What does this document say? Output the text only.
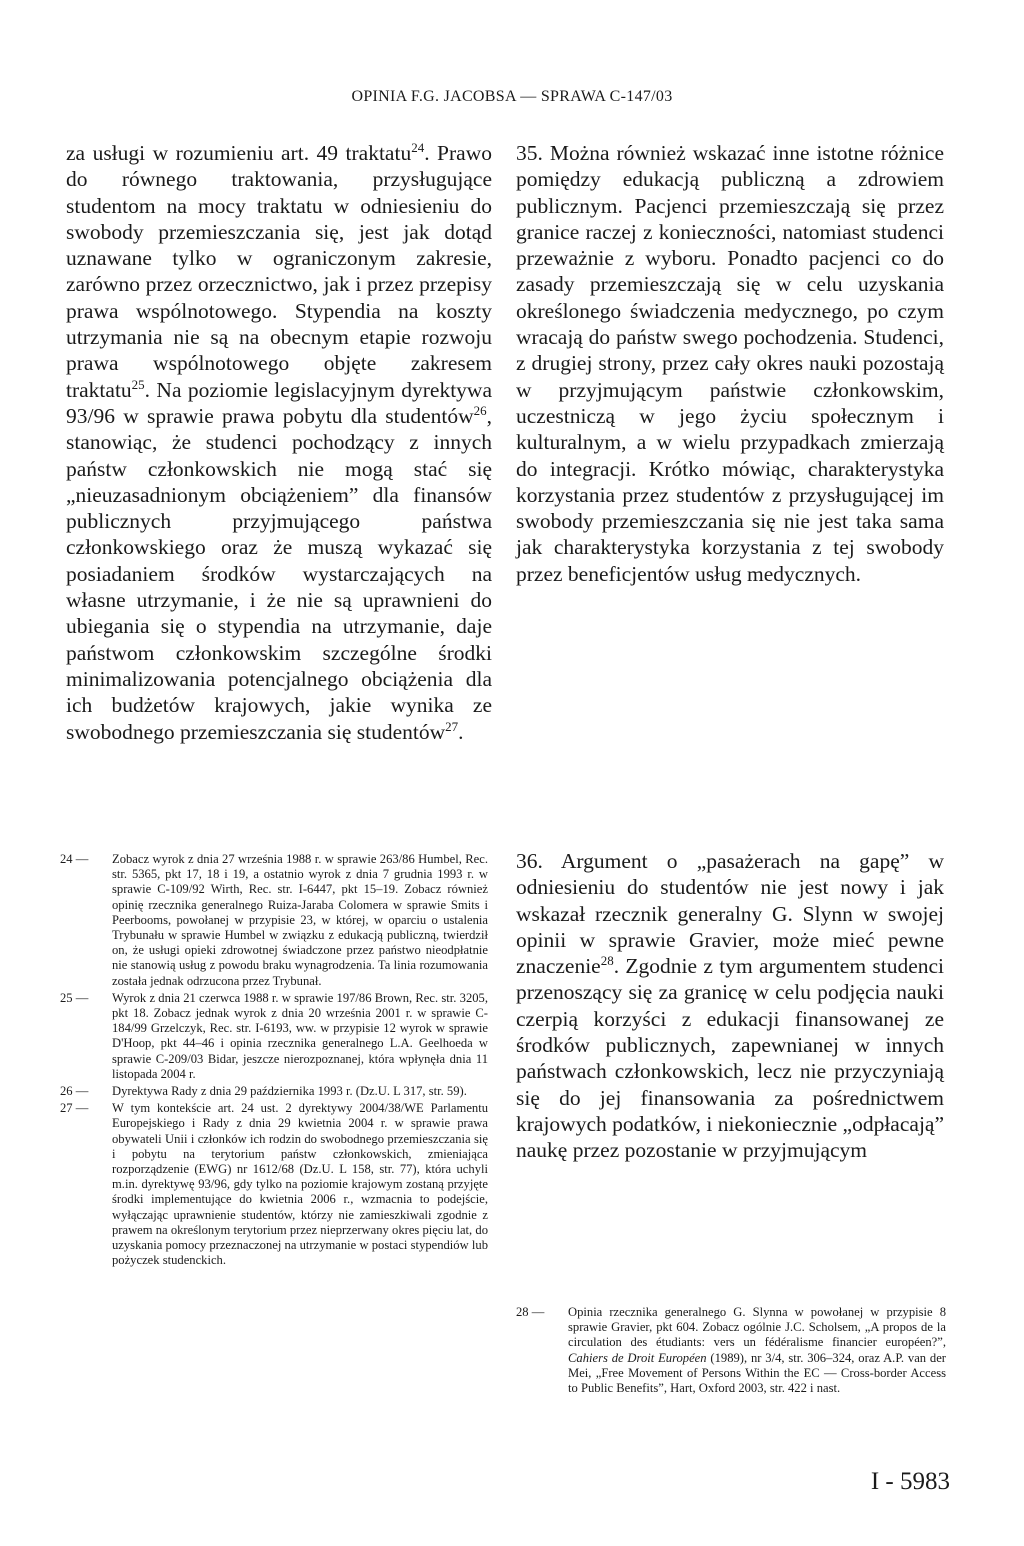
OPINIA F.G. JACOBSA — SPRAWA C-147/03

za usługi w rozumieniu art. 49 traktatu$^{24}$. Prawo do równego traktowania, przysługujące studentom na mocy traktatu w odniesieniu do swobody przemieszczania się, jest jak dotąd uznawane tylko w ograniczonym zakresie, zarówno przez orzecznictwo, jak i przez przepisy prawa wspólnotowego. Stypendia na koszty utrzymania nie są na obecnym etapie rozwoju prawa wspólnotowego objęte zakresem traktatu$^{25}$. Na poziomie legislacyjnym dyrektywa 93/96 w sprawie prawa pobytu dla studentów$^{26}$, stanowiąc, że studenci pochodzący z innych państw członkowskich nie mogą stać się „nieuzasadnionym obciążeniem” dla finansów publicznych przyjmującego państwa członkowskiego oraz że muszą wykazać się posiadaniem środków wystarczających na własne utrzymanie, i że nie są uprawnieni do ubiegania się o stypendia na utrzymanie, daje państwom członkowskim szczególne środki minimalizowania potencjalnego obciążenia dla ich budżetów krajowych, jakie wynika ze swobodnego przemieszczania się studentów$^{27}$.

35. Można również wskazać inne istotne różnice pomiędzy edukacją publiczną a zdrowiem publicznym. Pacjenci przemieszczają się przez granice raczej z konieczności, natomiast studenci przeważnie z wyboru. Ponadto pacjenci co do zasady przemieszczają się w celu uzyskania określonego świadczenia medycznego, po czym wracają do państw swego pochodzenia. Studenci, z drugiej strony, przez cały okres nauki pozostają w przyjmującym państwie członkowskim, uczestniczą w jego życiu społecznym i kulturalnym, a w wielu przypadkach zmierzają do integracji. Krótko mówiąc, charakterystyka korzystania przez studentów z przysługującej im swobody przemieszczania się nie jest taka sama jak charakterystyka korzystania z tej swobody przez beneficjentów usług medycznych.

36. Argument o „pasażerach na gapę” w odniesieniu do studentów nie jest nowy i jak wskazał rzecznik generalny G. Slynn w swojej opinii w sprawie Gravier, może mieć pewne znaczenie$^{28}$. Zgodnie z tym argumentem studenci przenoszący się za granicę w celu podjęcia nauki czerpią korzyści z edukacji finansowanej ze środków publicznych, zapewnianej w innych państwach członkowskich, lecz nie przyczyniają się do jej finansowania za pośrednictwem krajowych podatków, i niekoniecznie „odpłacają” naukę przez pozostanie w przyjmującym

24 — Zobacz wyrok z dnia 27 września 1988 r. w sprawie 263/86 Humbel, Rec. str. 5365, pkt 17, 18 i 19, a ostatnio wyrok z dnia 7 grudnia 1993 r. w sprawie C-109/92 Wirth, Rec. str. I-6447, pkt 15–19. Zobacz również opinię rzecznika generalnego Ruiza-Jaraba Colomera w sprawie Smits i Peerbooms, powołanej w przypisie 23, w której, w oparciu o ustalenia Trybunału w sprawie Humbel w związku z edukacją publiczną, twierdził on, że usługi opieki zdrowotnej świadczone przez państwo nieodpłatnie nie stanowią usług z powodu braku wynagrodzenia. Ta linia rozumowania została jednak odrzucona przez Trybunał.
25 — Wyrok z dnia 21 czerwca 1988 r. w sprawie 197/86 Brown, Rec. str. 3205, pkt 18. Zobacz jednak wyrok z dnia 20 września 2001 r. w sprawie C-184/99 Grzelczyk, Rec. str. I-6193, ww. w przypisie 12 wyrok w sprawie D'Hoop, pkt 44–46 i opinia rzecznika generalnego L.A. Geelhoeda w sprawie C-209/03 Bidar, jeszcze nierozpoznanej, która wpłynęła dnia 11 listopada 2004 r.
26 — Dyrektywa Rady z dnia 29 października 1993 r. (Dz.U. L 317, str. 59).
27 — W tym kontekście art. 24 ust. 2 dyrektywy 2004/38/WE Parlamentu Europejskiego i Rady z dnia 29 kwietnia 2004 r. w sprawie prawa obywateli Unii i członków ich rodzin do swobodnego przemieszczania się i pobytu na terytorium państw członkowskich, zmieniająca rozporządzenie (EWG) nr 1612/68 (Dz.U. L 158, str. 77), która uchyli m.in. dyrektywę 93/96, gdy tylko na poziomie krajowym zostaną przyjęte środki implementujące do kwietnia 2006 r., wzmacnia to podejście, wyłączając uprawnienie studentów, którzy nie zamieszkiwali zgodnie z prawem na określonym terytorium przez nieprzerwany okres pięciu lat, do uzyskania pomocy przeznaczonej na utrzymanie w postaci stypendiów lub pożyczek studenckich.
28 — Opinia rzecznika generalnego G. Slynna w powołanej w przypisie 8 sprawie Gravier, pkt 604. Zobacz ogólnie J.C. Scholsem, „A propos de la circulation des étudiants: vers un fédéralisme financier européen?”, Cahiers de Droit Européen (1989), nr 3/4, str. 306–324, oraz A.P. van der Mei, „Free Movement of Persons Within the EC — Cross-border Access to Public Benefits”, Hart, Oxford 2003, str. 422 i nast.
I - 5983
